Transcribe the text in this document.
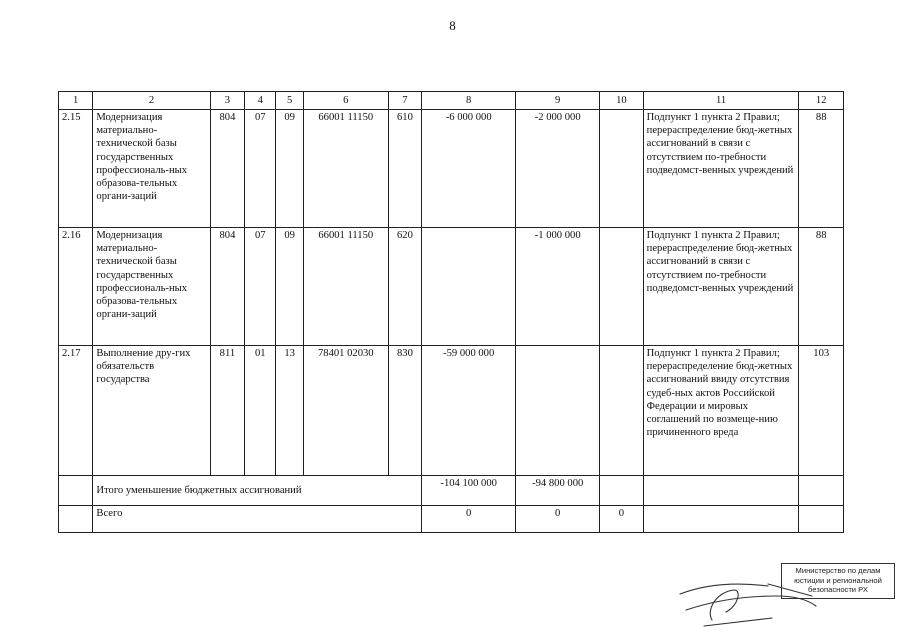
8
1	2	3	4	5	6	7	8	9	10	11	12
2.15	Модернизация материально-технической базы государственных профессиональ-ных образова-тельных органи-заций	804	07	09	66001 11150	610	-6 000 000	-2 000 000		Подпункт 1 пункта 2 Правил; перераспределение бюд-жетных ассигнований в связи с отсутствием по-требности подведомст-венных учреждений	88
2.16	Модернизация материально-технической базы государственных профессиональ-ных образова-тельных органи-заций	804	07	09	66001 11150	620		-1 000 000		Подпункт 1 пункта 2 Правил; перераспределение бюд-жетных ассигнований в связи с отсутствием по-требности подведомст-венных учреждений	88
2.17	Выполнение дру-гих обязательств государства	811	01	13	78401 02030	830	-59 000 000			Подпункт 1 пункта 2 Правил; перераспределение бюд-жетных ассигнований ввиду отсутствия судеб-ных актов Российской Федерации и мировых соглашений по возмеще-нию причиненного вреда	103
	Итого уменьшение бюджетных ассигнований						-104 100 000	-94 800 000			
	Всего						0	0	0		
Министерство по делам
юстиции и региональной
безопасности РХ
